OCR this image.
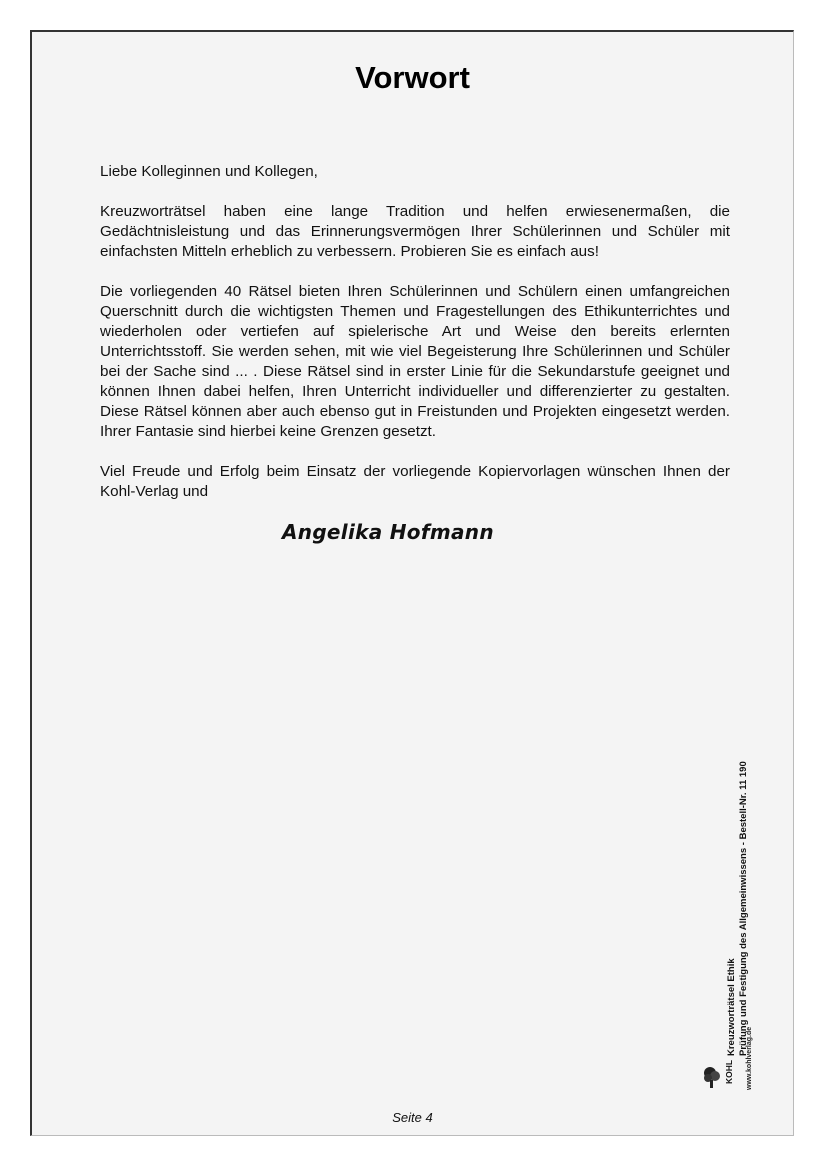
Vorwort

Liebe Kolleginnen und Kollegen,

Kreuzworträtsel haben eine lange Tradition und helfen erwiesenermaßen, die Gedächtnisleistung und das Erinnerungsvermögen Ihrer Schülerinnen und Schüler mit einfachsten Mitteln erheblich zu verbessern. Probieren Sie es einfach aus!

Die vorliegenden 40 Rätsel bieten Ihren Schülerinnen und Schülern einen umfangreichen Querschnitt durch die wichtigsten Themen und Fragestellungen des Ethikunterrichtes und wiederholen oder vertiefen auf spielerische Art und Weise den bereits erlernten Unterrichtsstoff. Sie werden sehen, mit wie viel Begeisterung Ihre Schülerinnen und Schüler bei der Sache sind ... . Diese Rätsel sind in erster Linie für die Sekundarstufe geeignet und können Ihnen dabei helfen, Ihren Unterricht individueller und differenzierter zu gestalten. Diese Rätsel können aber auch ebenso gut in Freistunden und Projekten eingesetzt werden. Ihrer Fantasie sind hierbei keine Grenzen gesetzt.

Viel Freude und Erfolg beim Einsatz der vorliegende Kopiervorlagen wünschen Ihnen der Kohl-Verlag und

Angelika Hofmann
Seite 4
Kreuzworträtsel Ethik Prüfung und Festigung des Allgemeinwissens - Bestell-Nr. 11 190
KOHL www.kohlverlag.de
